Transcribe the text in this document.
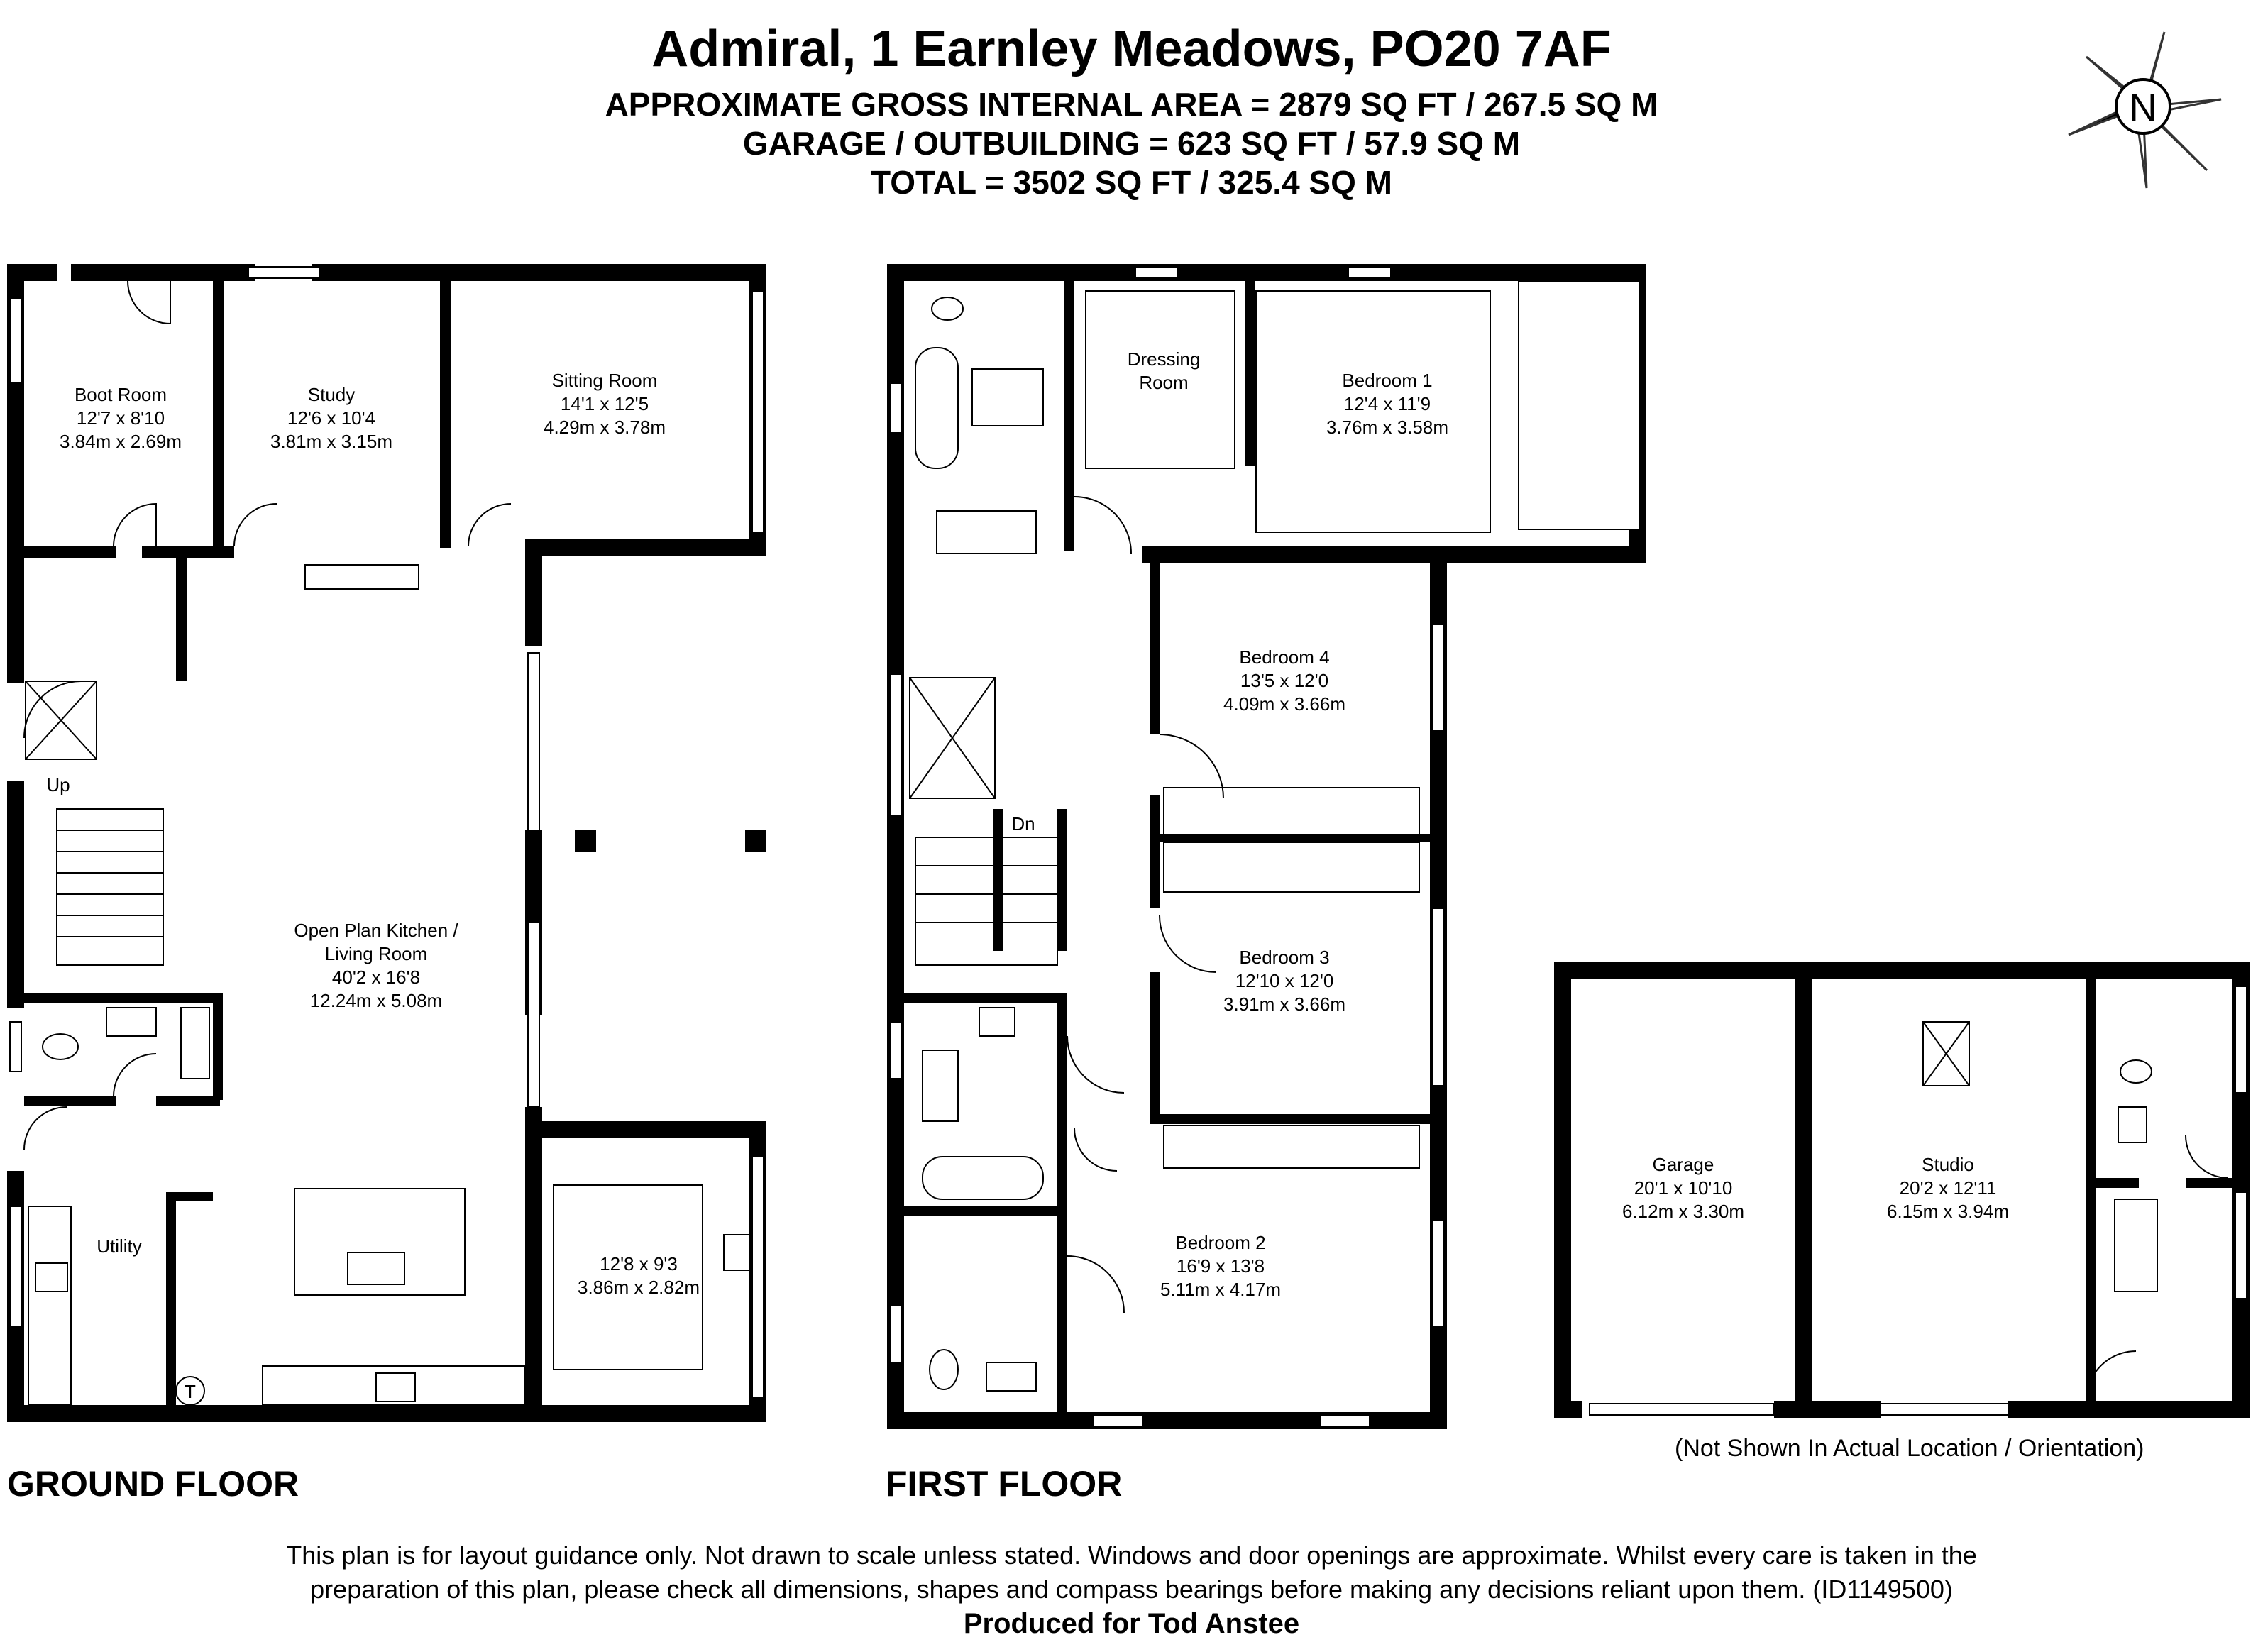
Admiral, 1 Earnley Meadows, PO20 7AF
APPROXIMATE GROSS INTERNAL AREA = 2879 SQ FT / 267.5 SQ M
GARAGE / OUTBUILDING = 623 SQ FT / 57.9 SQ M
TOTAL = 3502 SQ FT / 325.4 SQ M
N
Boot Room
12'7 x 8'10
3.84m x 2.69m
Study
12'6 x 10'4
3.81m x 3.15m
Sitting Room
14'1 x 12'5
4.29m x 3.78m
Open Plan Kitchen /
Living Room
40'2 x 16'8
12.24m x 5.08m
Utility
12'8 x 9'3
3.86m x 2.82m
Up
T
GROUND FLOOR
Dressing
Room	Bedroom 1
12'4 x 11'9
3.76m x 3.58m
Bedroom 4
13'5 x 12'0
4.09m x 3.66m
Bedroom 3
12'10 x 12'0
3.91m x 3.66m
Bedroom 2
16'9 x 13'8
5.11m x 4.17m
Dn
FIRST FLOOR
Garage
20'1 x 10'10
6.12m x 3.30m
Studio
20'2 x 12'11
6.15m x 3.94m
(Not Shown In Actual Location / Orientation)
This plan is for layout guidance only. Not drawn to scale unless stated. Windows and door openings are approximate. Whilst every care is taken in the
preparation of this plan, please check all dimensions, shapes and compass bearings before making any decisions reliant upon them. (ID1149500)
Produced for Tod Anstee
